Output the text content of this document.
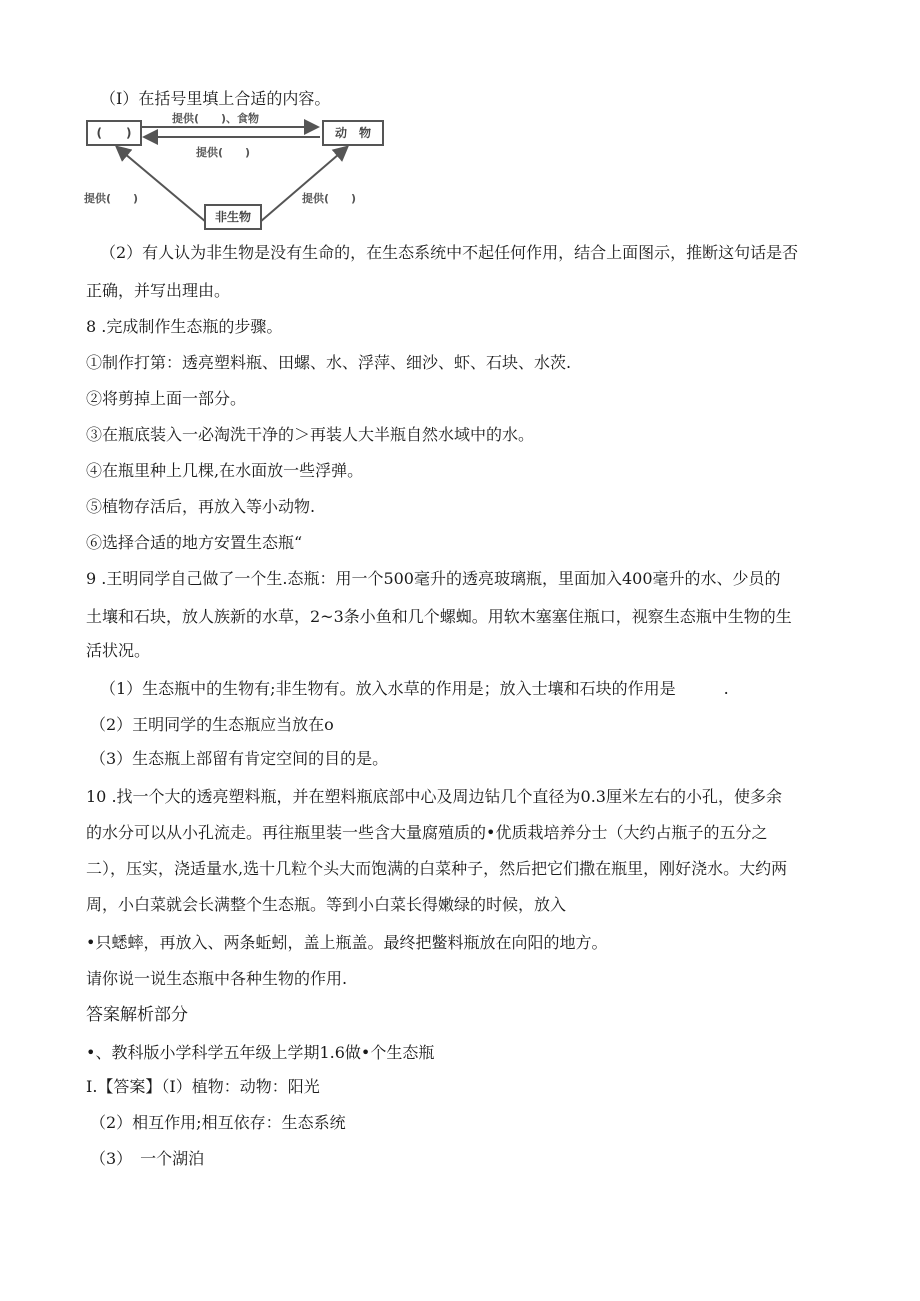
（I）在括号里填上合适的内容。
(　　)	动　物
非生物
提供(　　)、食物
提供(　　)
提供(　　)	提供(　　)
（2）有人认为非生物是没有生命的，在生态系统中不起任何作用，结合上面图示，推断这句话是否
正确，并写出理由。
8 .完成制作生态瓶的步骤。
①制作打第：透亮塑料瓶、田螺、水、浮萍、细沙、虾、石块、水茨.
②将剪掉上面一部分。
③在瓶底装入一必淘洗干净的＞再装人大半瓶自然水域中的水。
④在瓶里种上几棵,在水面放一些浮弹。
⑤植物存活后，再放入等小动物.
⑥选择合适的地方安置生态瓶“
9 .王明同学自己做了一个生.态瓶：用一个500毫升的透亮玻璃瓶，里面加入400毫升的水、少员的
土壤和石块，放人族新的水草，2~3条小鱼和几个螺蜘。用软木塞塞住瓶口，视察生态瓶中生物的生
活状况。
（1）生态瓶中的生物有;非生物有。放入水草的作用是；放入士壤和石块的作用是　　　.
（2）王明同学的生态瓶应当放在o
（3）生态瓶上部留有肯定空间的目的是。
10 .找一个大的透亮塑料瓶，并在塑料瓶底部中心及周边钻几个直径为0.3厘米左右的小孔，使多余
的水分可以从小孔流走。再往瓶里装一些含大量腐殖质的•优质栽培养分士（大约占瓶子的五分之
二），压实，浇适量水,选十几粒个头大而饱满的白菜种子，然后把它们撒在瓶里，刚好浇水。大约两
周，小白菜就会长满整个生态瓶。等到小白菜长得嫩绿的时候，放入
•只蟋蟀，再放入、两条蚯蚓，盖上瓶盖。最终把鳖料瓶放在向阳的地方。
请你说一说生态瓶中各种生物的作用.
答案解析部分
•、教科版小学科学五年级上学期1.6做•个生态瓶
I.【答案】（I）植物：动物：阳光
（2）相互作用;相互依存：生态系统
（3）　一个湖泊
